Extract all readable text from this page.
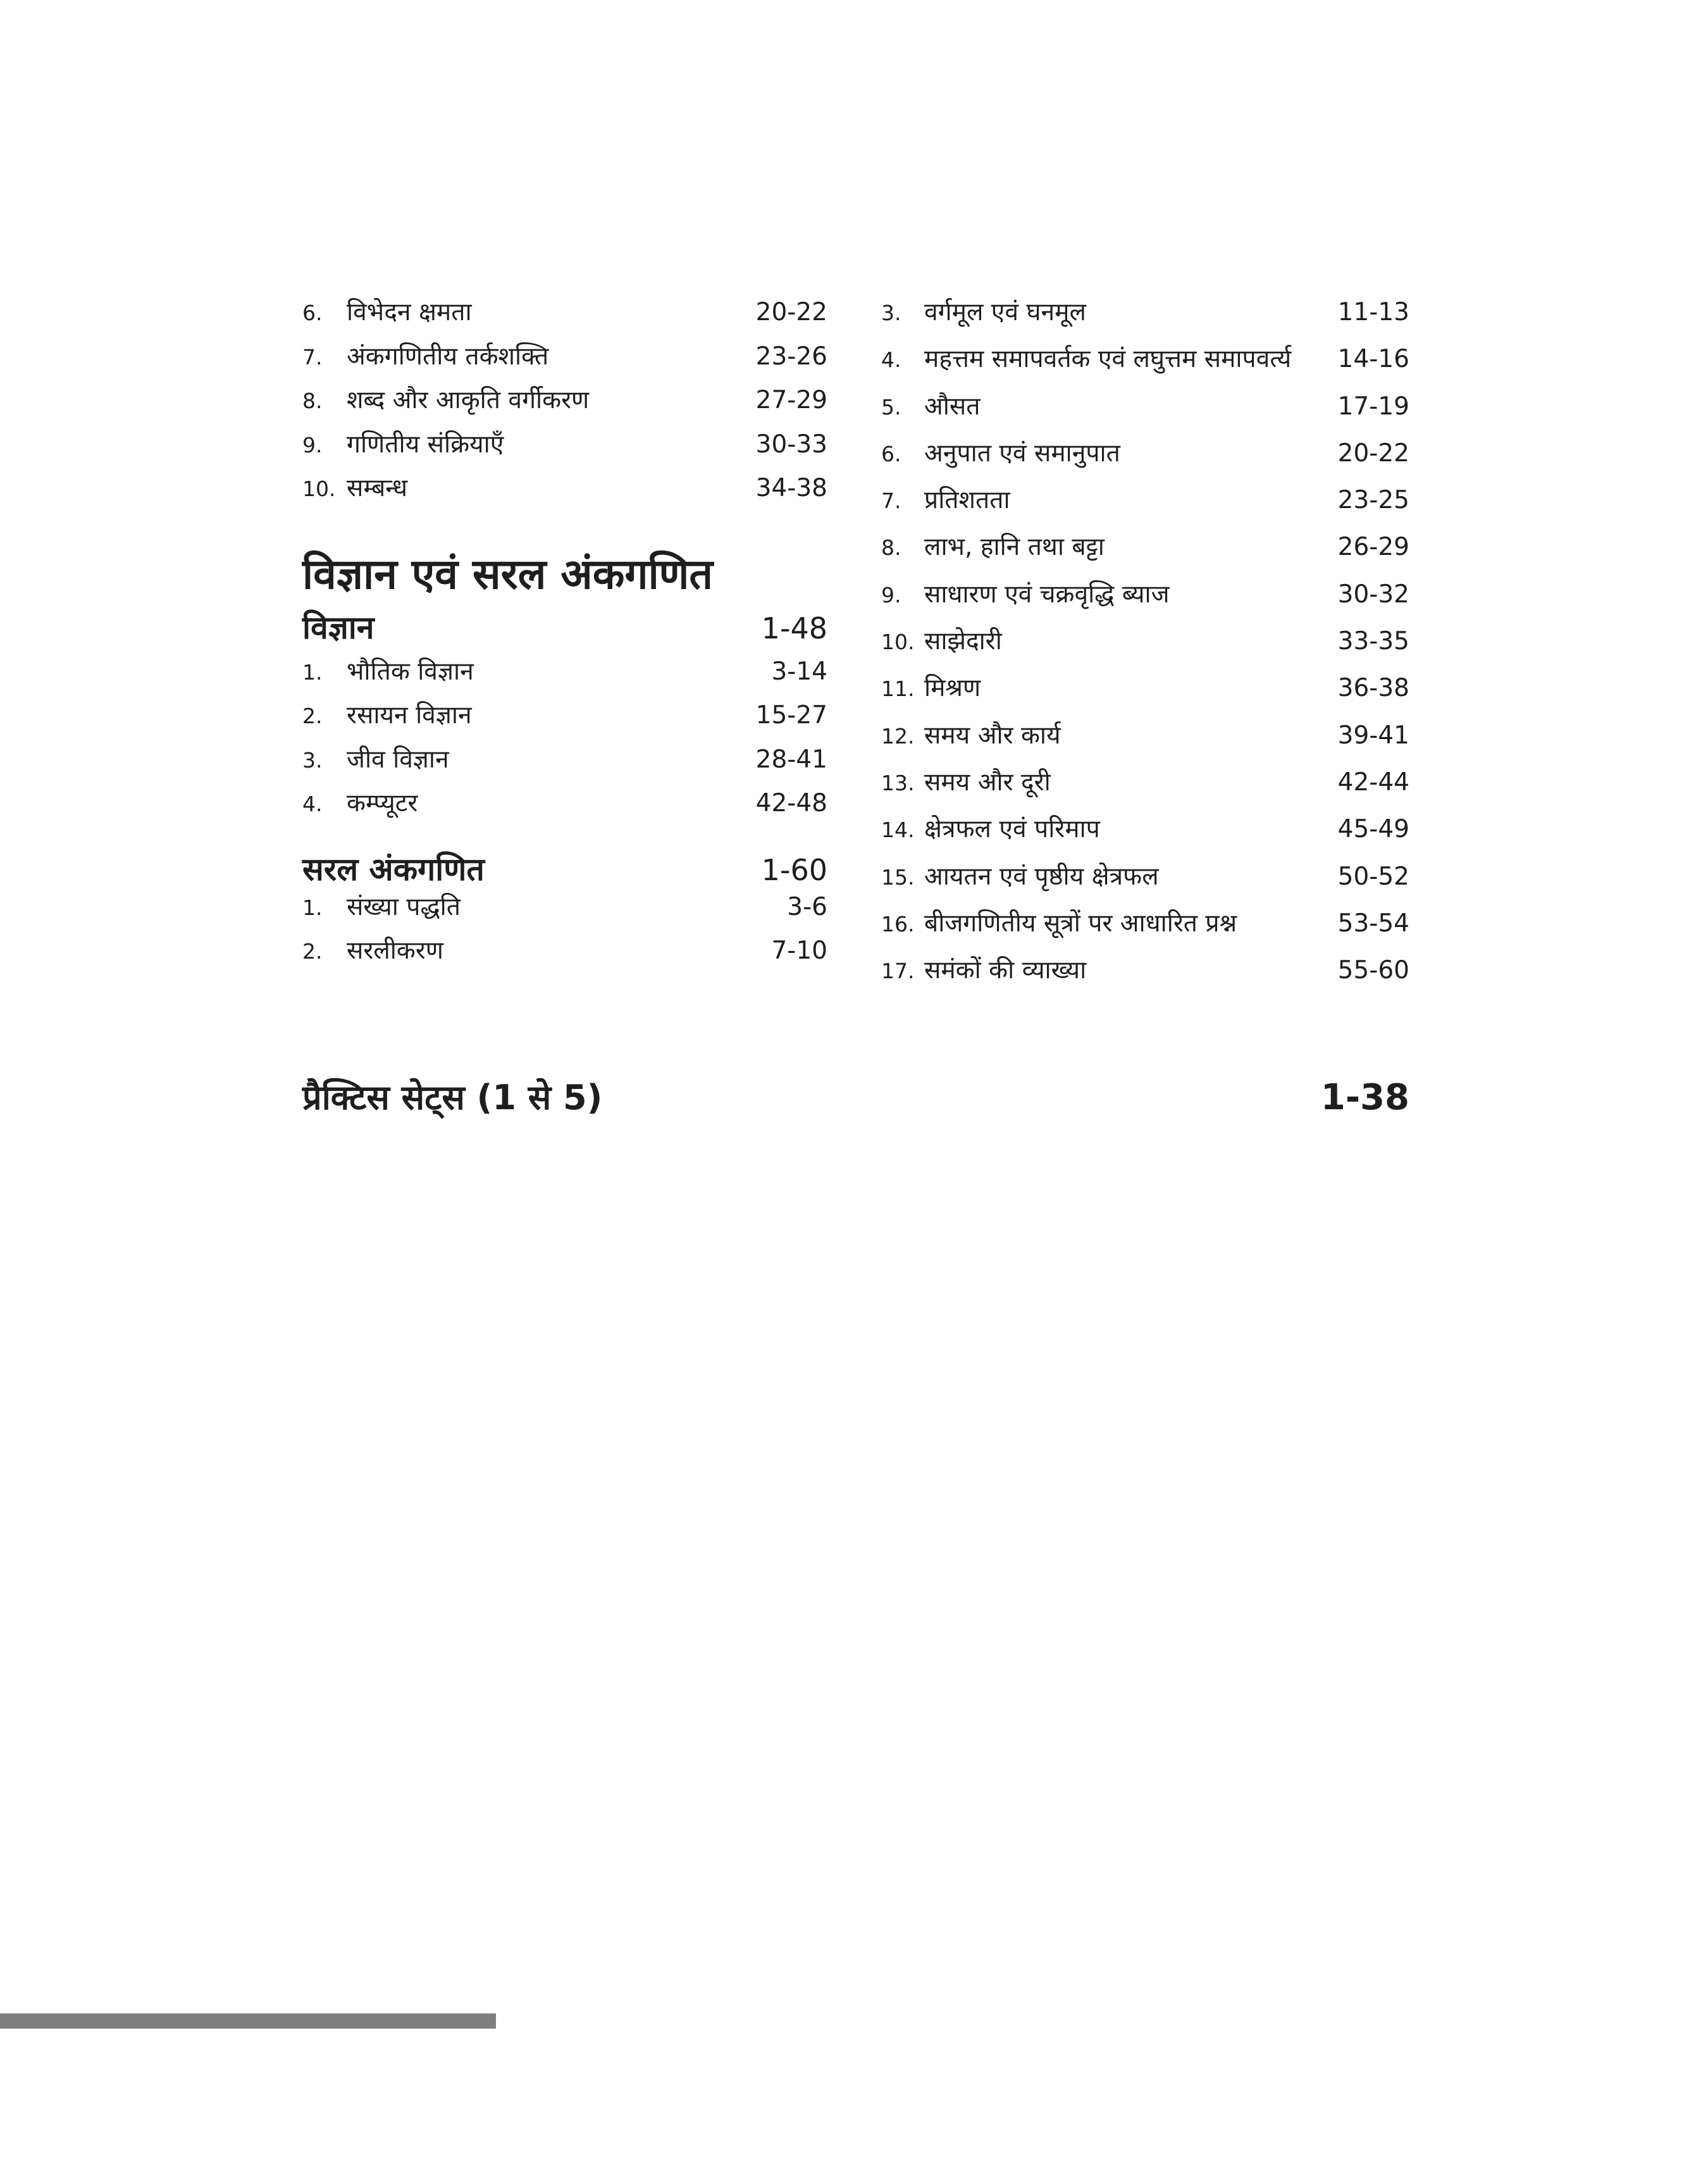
6. विभेदन क्षमता	20-22
7. अंकगणितीय तर्कशक्ति	23-26
8. शब्द और आकृति वर्गीकरण	27-29
9. गणितीय संक्रियाएँ	30-33
10. सम्बन्ध	34-38
विज्ञान एवं सरल अंकगणित
विज्ञान	1-48
1. भौतिक विज्ञान	3-14
2. रसायन विज्ञान	15-27
3. जीव विज्ञान	28-41
4. कम्प्यूटर	42-48
सरल अंकगणित	1-60
1. संख्या पद्धति	3-6
2. सरलीकरण	7-10
3. वर्गमूल एवं घनमूल	11-13
4. महत्तम समापवर्तक एवं लघुत्तम समापवर्त्य	14-16
5. औसत	17-19
6. अनुपात एवं समानुपात	20-22
7. प्रतिशतता	23-25
8. लाभ, हानि तथा बट्टा	26-29
9. साधारण एवं चक्रवृद्धि ब्याज	30-32
10. साझेदारी	33-35
11. मिश्रण	36-38
12. समय और कार्य	39-41
13. समय और दूरी	42-44
14. क्षेत्रफल एवं परिमाप	45-49
15. आयतन एवं पृष्ठीय क्षेत्रफल	50-52
16. बीजगणितीय सूत्रों पर आधारित प्रश्न	53-54
17. समंकों की व्याख्या	55-60
प्रैक्टिस सेट्स (1 से 5)	1-38
